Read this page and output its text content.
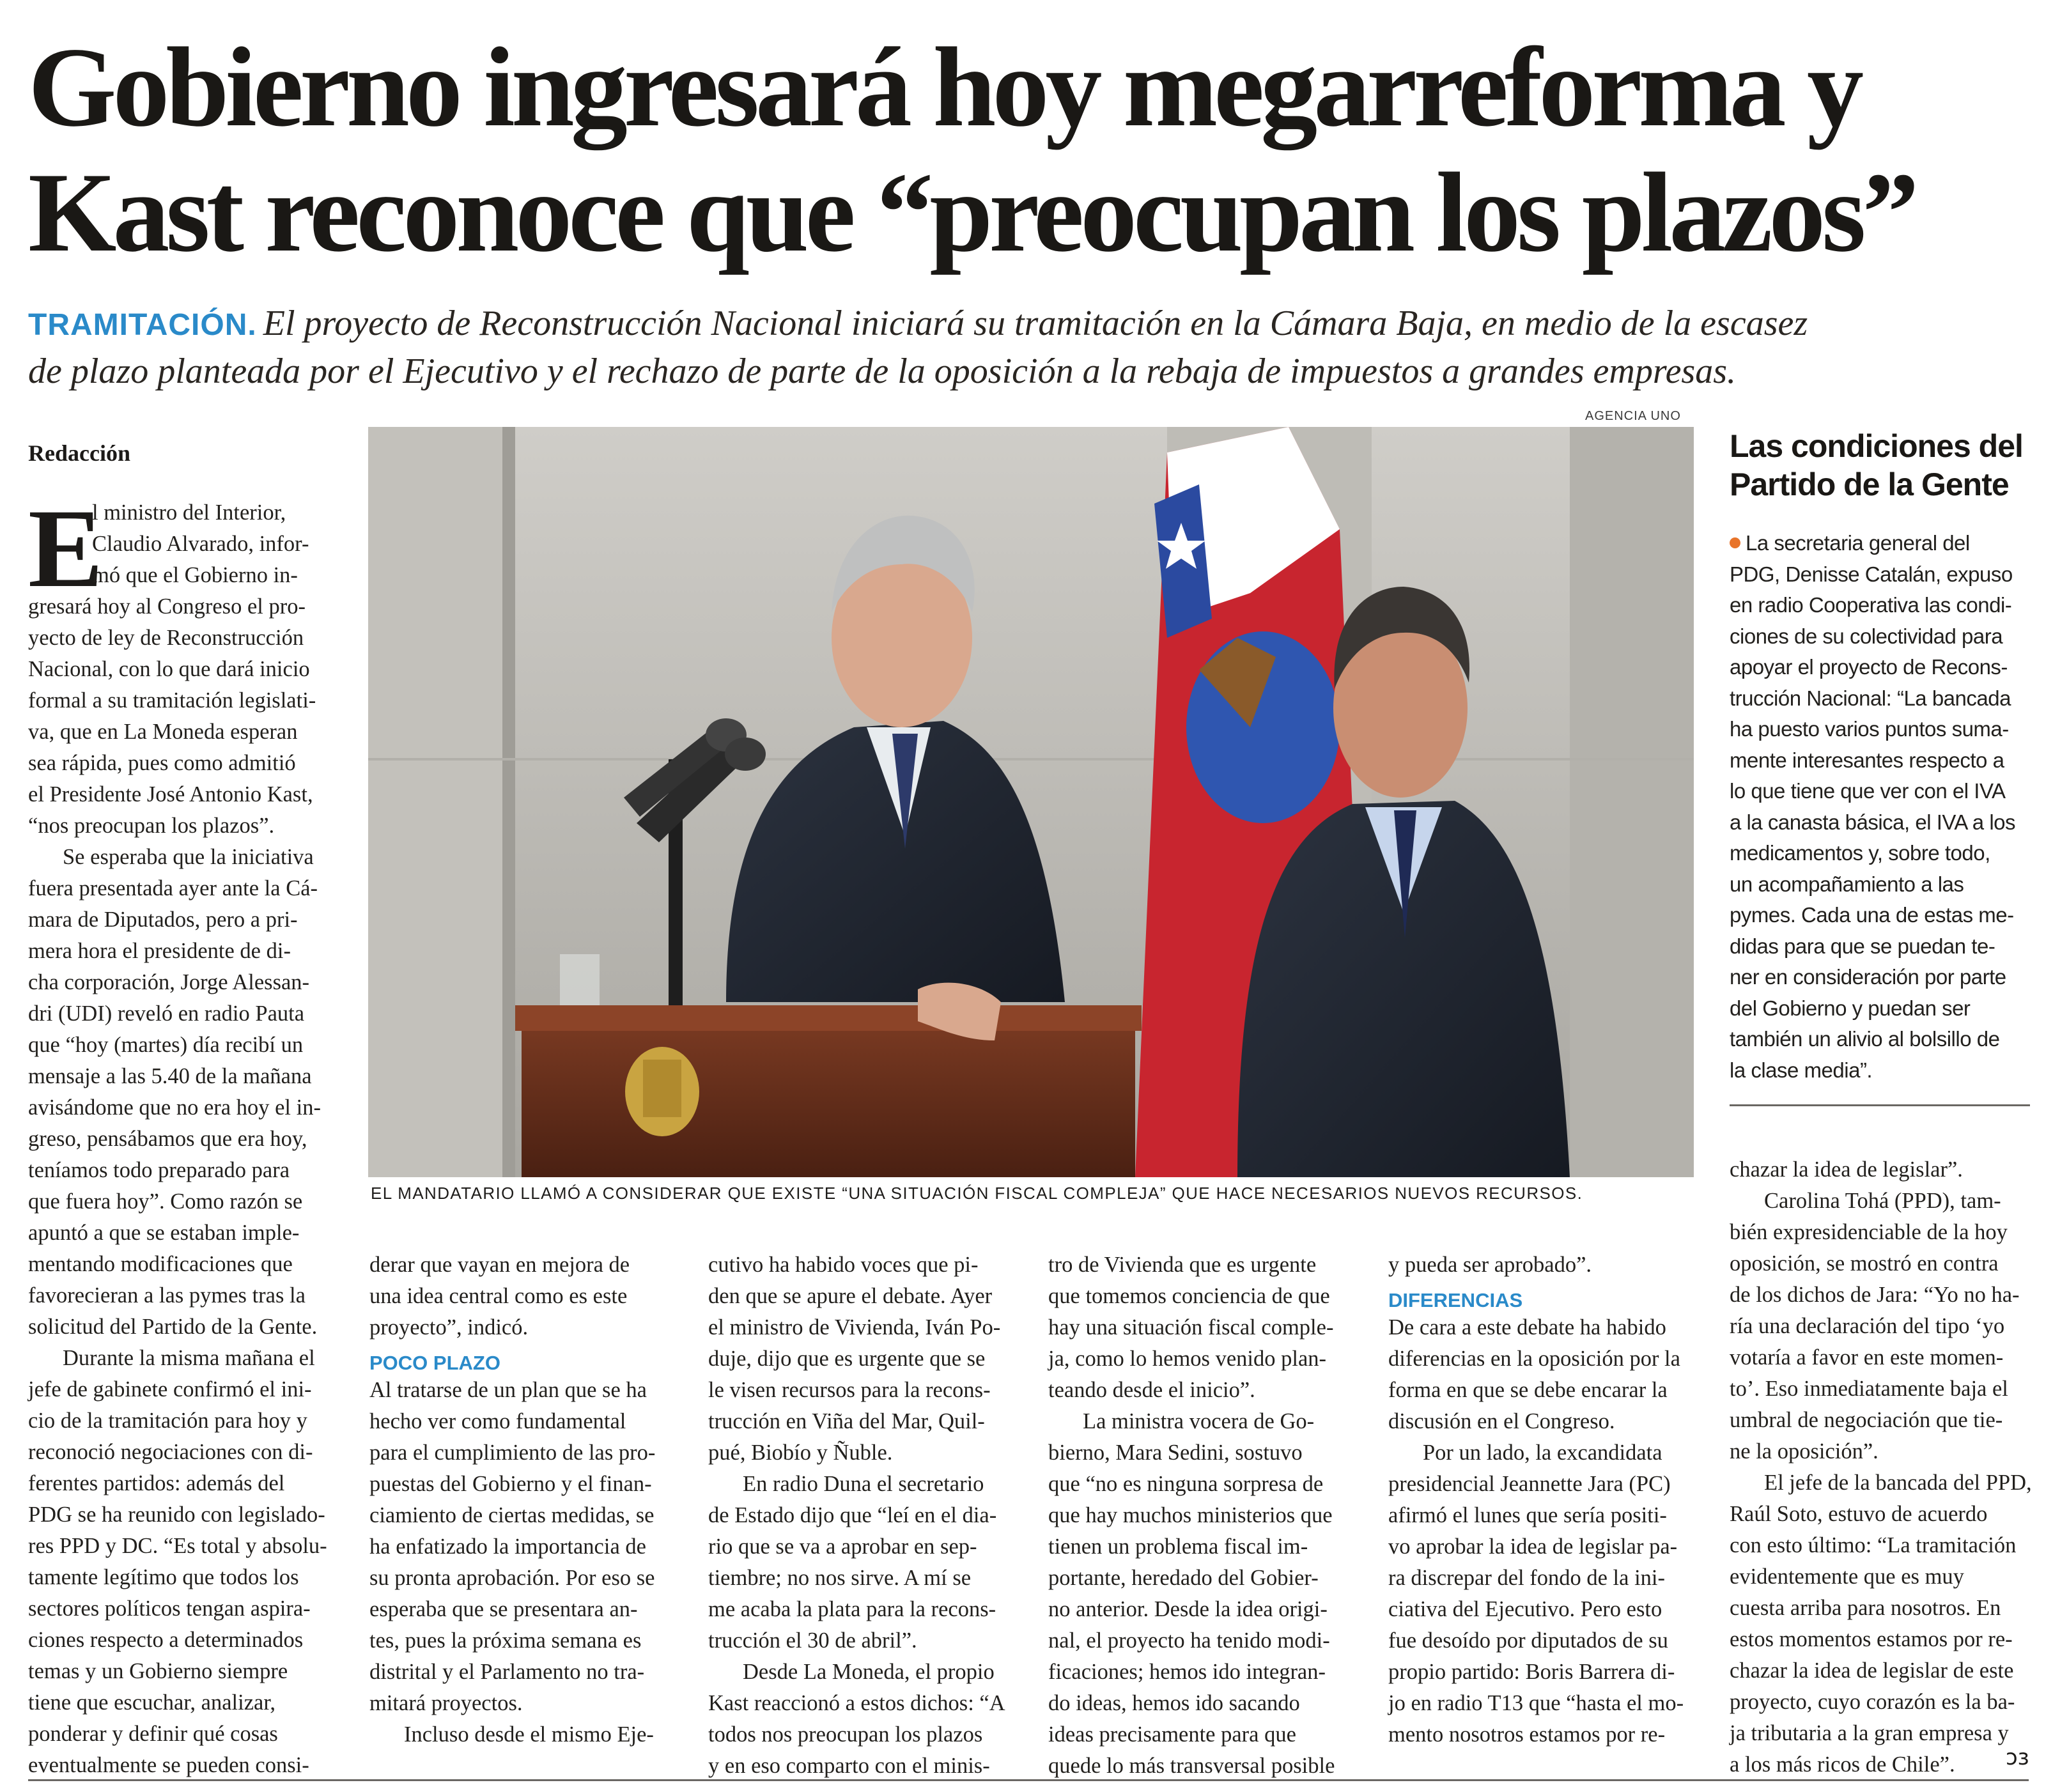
Gobierno ingresará hoy megarreforma y
Kast reconoce que “preocupan los plazos”
TRAMITACIÓN. El proyecto de Reconstrucción Nacional iniciará su tramitación en la Cámara Baja, en medio de la escasez
de plazo planteada por el Ejecutivo y el rechazo de parte de la oposición a la rebaja de impuestos a grandes empresas.
Redacción
E
l ministro del Interior,
Claudio Alvarado, infor-
mó que el Gobierno in-
gresará hoy al Congreso el pro-
yecto de ley de Reconstrucción
Nacional, con lo que dará inicio
formal a su tramitación legislati-
va, que en La Moneda esperan
sea rápida, pues como admitió
el Presidente José Antonio Kast,
“nos preocupan los plazos”.
Se esperaba que la iniciativa
fuera presentada ayer ante la Cá-
mara de Diputados, pero a pri-
mera hora el presidente de di-
cha corporación, Jorge Alessan-
dri (UDI) reveló en radio Pauta
que “hoy (martes) día recibí un
mensaje a las 5.40 de la mañana
avisándome que no era hoy el in-
greso, pensábamos que era hoy,
teníamos todo preparado para
que fuera hoy”. Como razón se
apuntó a que se estaban imple-
mentando modificaciones que
favorecieran a las pymes tras la
solicitud del Partido de la Gente.
Durante la misma mañana el
jefe de gabinete confirmó el ini-
cio de la tramitación para hoy y
reconoció negociaciones con di-
ferentes partidos: además del
PDG se ha reunido con legislado-
res PPD y DC. “Es total y absolu-
tamente legítimo que todos los
sectores políticos tengan aspira-
ciones respecto a determinados
temas y un Gobierno siempre
tiene que escuchar, analizar,
ponderar y definir qué cosas
eventualmente se pueden consi-
AGENCIA UNO
EL MANDATARIO LLAMÓ A CONSIDERAR QUE EXISTE “UNA SITUACIÓN FISCAL COMPLEJA” QUE HACE NECESARIOS NUEVOS RECURSOS.
derar que vayan en mejora de
una idea central como es este
proyecto”, indicó.
POCO PLAZO
Al tratarse de un plan que se ha
hecho ver como fundamental
para el cumplimiento de las pro-
puestas del Gobierno y el finan-
ciamiento de ciertas medidas, se
ha enfatizado la importancia de
su pronta aprobación. Por eso se
esperaba que se presentara an-
tes, pues la próxima semana es
distrital y el Parlamento no tra-
mitará proyectos.
Incluso desde el mismo Eje-
cutivo ha habido voces que pi-
den que se apure el debate. Ayer
el ministro de Vivienda, Iván Po-
duje, dijo que es urgente que se
le visen recursos para la recons-
trucción en Viña del Mar, Quil-
pué, Biobío y Ñuble.
En radio Duna el secretario
de Estado dijo que “leí en el dia-
rio que se va a aprobar en sep-
tiembre; no nos sirve. A mí se
me acaba la plata para la recons-
trucción el 30 de abril”.
Desde La Moneda, el propio
Kast reaccionó a estos dichos: “A
todos nos preocupan los plazos
y en eso comparto con el minis-
tro de Vivienda que es urgente
que tomemos conciencia de que
hay una situación fiscal comple-
ja, como lo hemos venido plan-
teando desde el inicio”.
La ministra vocera de Go-
bierno, Mara Sedini, sostuvo
que “no es ninguna sorpresa de
que hay muchos ministerios que
tienen un problema fiscal im-
portante, heredado del Gobier-
no anterior. Desde la idea origi-
nal, el proyecto ha tenido modi-
ficaciones; hemos ido integran-
do ideas, hemos ido sacando
ideas precisamente para que
quede lo más transversal posible
y pueda ser aprobado”.
DIFERENCIAS
De cara a este debate ha habido
diferencias en la oposición por la
forma en que se debe encarar la
discusión en el Congreso.
Por un lado, la excandidata
presidencial Jeannette Jara (PC)
afirmó el lunes que sería positi-
vo aprobar la idea de legislar pa-
ra discrepar del fondo de la ini-
ciativa del Ejecutivo. Pero esto
fue desoído por diputados de su
propio partido: Boris Barrera di-
jo en radio T13 que “hasta el mo-
mento nosotros estamos por re-
chazar la idea de legislar”.
Carolina Tohá (PPD), tam-
bién expresidenciable de la hoy
oposición, se mostró en contra
de los dichos de Jara: “Yo no ha-
ría una declaración del tipo ‘yo
votaría a favor en este momen-
to’. Eso inmediatamente baja el
umbral de negociación que tie-
ne la oposición”.
El jefe de la bancada del PPD,
Raúl Soto, estuvo de acuerdo
con esto último: “La tramitación
evidentemente que es muy
cuesta arriba para nosotros. En
estos momentos estamos por re-
chazar la idea de legislar de este
proyecto, cuyo corazón es la ba-
ja tributaria a la gran empresa y
a los más ricos de Chile”.
Las condiciones del
Partido de la Gente
La secretaria general del
PDG, Denisse Catalán, expuso
en radio Cooperativa las condi-
ciones de su colectividad para
apoyar el proyecto de Recons-
trucción Nacional: “La bancada
ha puesto varios puntos suma-
mente interesantes respecto a
lo que tiene que ver con el IVA
a la canasta básica, el IVA a los
medicamentos y, sobre todo,
un acompañamiento a las
pymes. Cada una de estas me-
didas para que se puedan te-
ner en consideración por parte
del Gobierno y puedan ser
también un alivio al bolsillo de
la clase media”.
ↄз
